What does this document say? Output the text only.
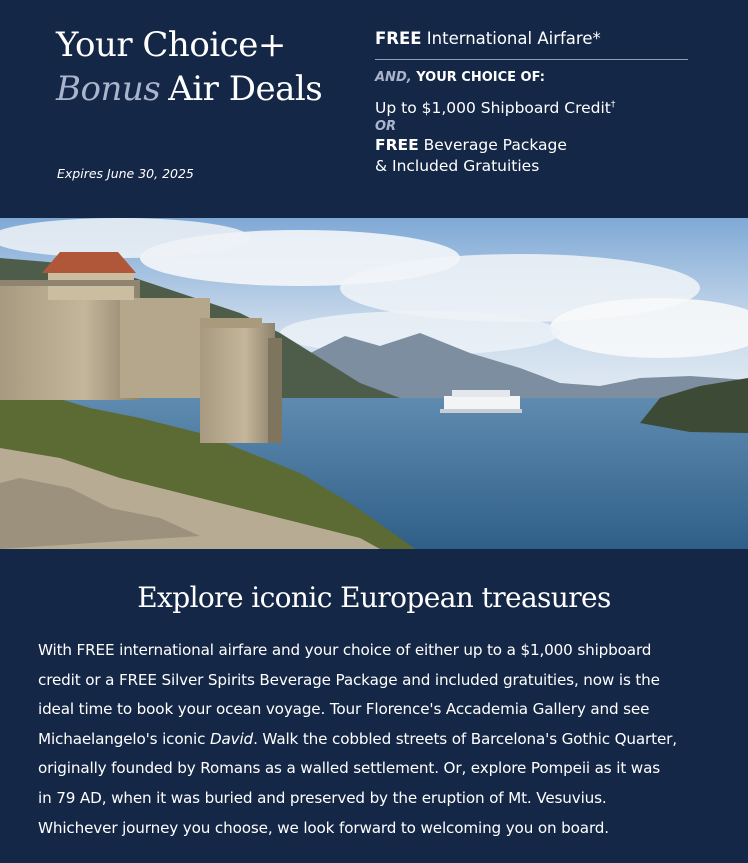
Your Choice+
Bonus Air Deals
Expires June 30, 2025
FREE International Airfare*
AND, YOUR CHOICE OF:
Up to $1,000 Shipboard Credit†
OR
FREE Beverage Package
& Included Gratuities
Explore iconic European treasures
With FREE international airfare and your choice of either up to a $1,000 shipboard
credit or a FREE Silver Spirits Beverage Package and included gratuities, now is the
ideal time to book your ocean voyage. Tour Florence's Accademia Gallery and see
Michaelangelo's iconic David. Walk the cobbled streets of Barcelona's Gothic Quarter,
originally founded by Romans as a walled settlement. Or, explore Pompeii as it was
in 79 AD, when it was buried and preserved by the eruption of Mt. Vesuvius.
Whichever journey you choose, we look forward to welcoming you on board.
